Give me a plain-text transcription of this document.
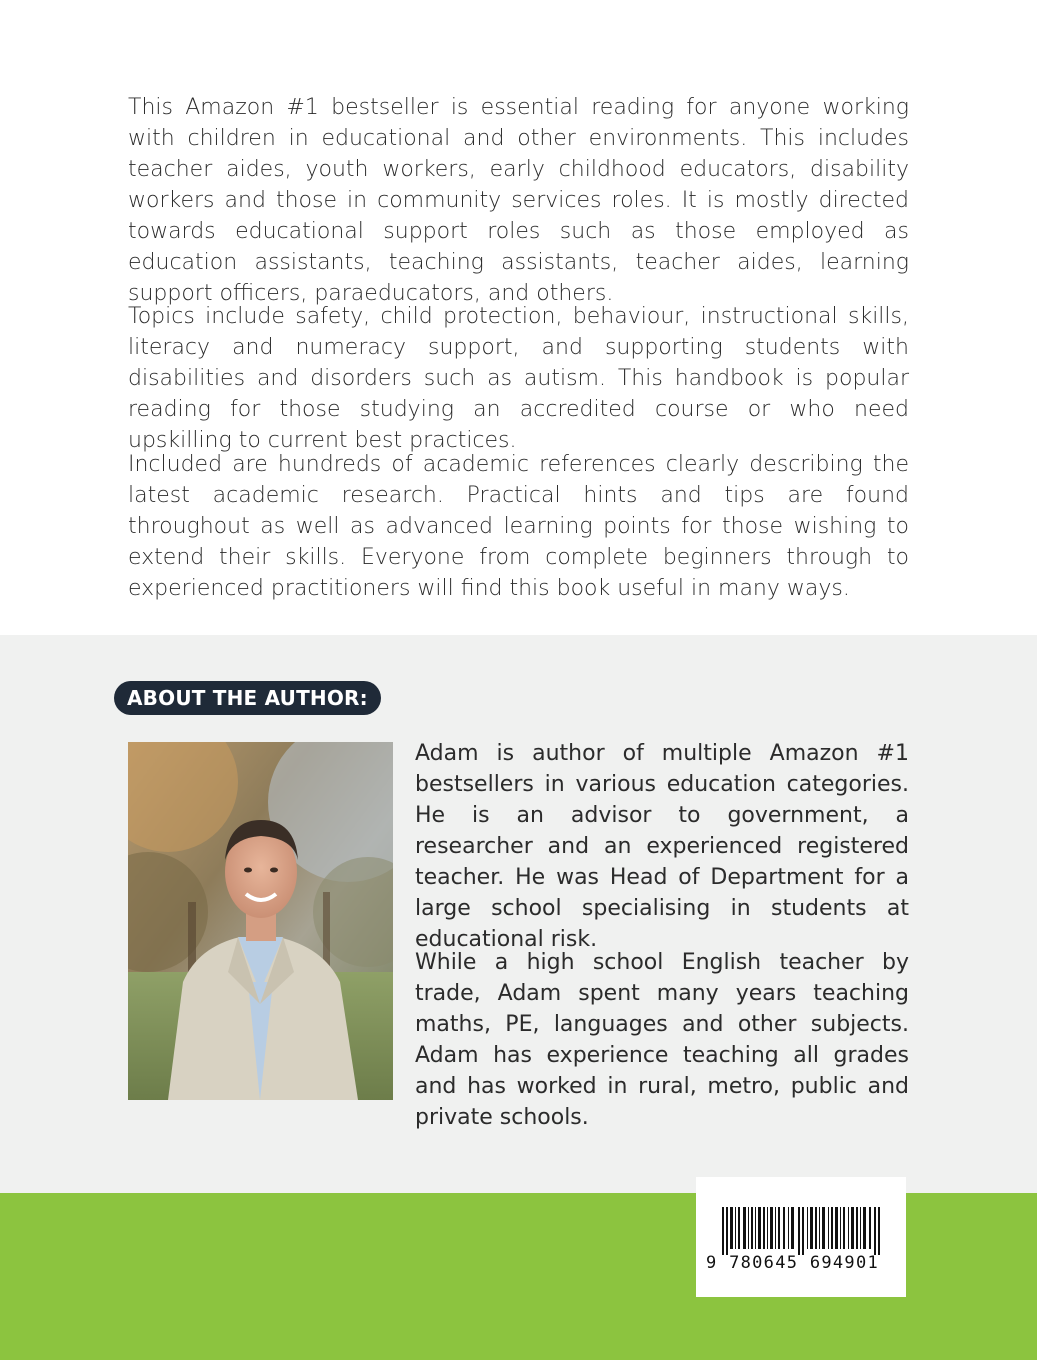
This Amazon #1 bestseller is essential reading for anyone working with children in educational and other environments. This includes teacher aides, youth workers, early childhood educators, disability workers and those in community services roles. It is mostly directed towards educational support roles such as those employed as education assistants, teaching assistants, teacher aides, learning support officers, paraeducators, and others.

Topics include safety, child protection, behaviour, instructional skills, literacy and numeracy support, and supporting students with disabilities and disorders such as autism. This handbook is popular reading for those studying an accredited course or who need upskilling to current best practices.

Included are hundreds of academic references clearly describing the latest academic research. Practical hints and tips are found throughout as well as advanced learning points for those wishing to extend their skills. Everyone from complete beginners through to experienced practitioners will find this book useful in many ways.

ABOUT THE AUTHOR:

Adam is author of multiple Amazon #1 bestsellers in various education categories. He is an advisor to government, a researcher and an experienced registered teacher. He was Head of Department for a large school specialising in students at educational risk.

While a high school English teacher by trade, Adam spent many years teaching maths, PE, languages and other subjects. Adam has experience teaching all grades and has worked in rural, metro, public and private schools.

9 780645 694901
